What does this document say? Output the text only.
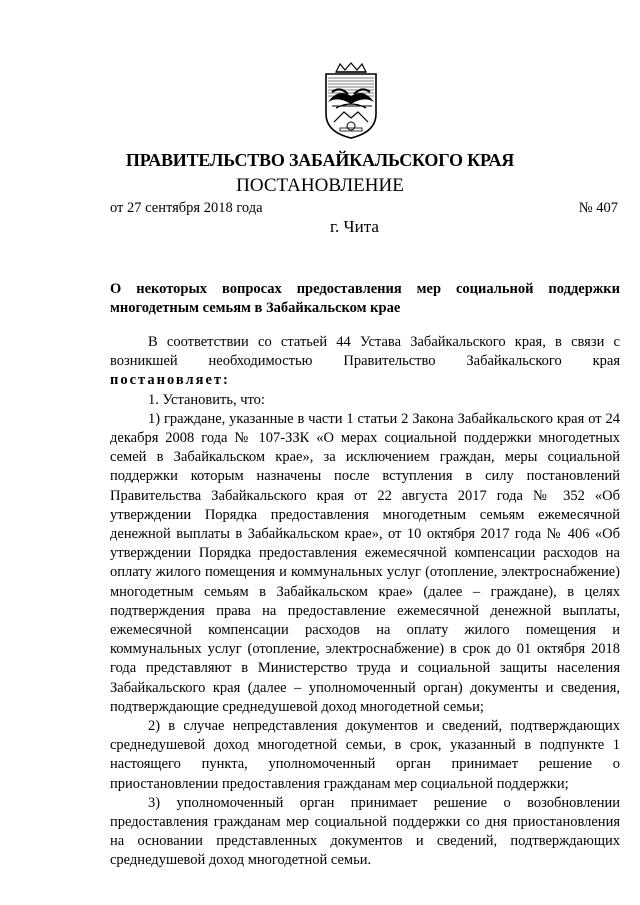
ПРАВИТЕЛЬСТВО ЗАБАЙКАЛЬСКОГО КРАЯ
ПОСТАНОВЛЕНИЕ
от 27 сентября 2018 года	№ 407
г. Чита
О некоторых вопросах предоставления мер социальной поддержки многодетным семьям в Забайкальском крае

В соответствии со статьей 44 Устава Забайкальского края, в связи с возникшей необходимостью Правительство Забайкальского края постановляет:

1. Установить, что:

1) граждане, указанные в части 1 статьи 2 Закона Забайкальского края от 24 декабря 2008 года № 107-ЗЗК «О мерах социальной поддержки многодетных семей в Забайкальском крае», за исключением граждан, меры социальной поддержки которым назначены после вступления в силу постановлений Правительства Забайкальского края от 22 августа 2017 года № 352 «Об утверждении Порядка предоставления многодетным семьям ежемесячной денежной выплаты в Забайкальском крае», от 10 октября 2017 года № 406 «Об утверждении Порядка предоставления ежемесячной компенсации расходов на оплату жилого помещения и коммунальных услуг (отопление, электроснабжение) многодетным семьям в Забайкальском крае» (далее – граждане), в целях подтверждения права на предоставление ежемесячной денежной выплаты, ежемесячной компенсации расходов на оплату жилого помещения и коммунальных услуг (отопление, электроснабжение) в срок до 01 октября 2018 года представляют в Министерство труда и социальной защиты населения Забайкальского края (далее – уполномоченный орган) документы и сведения, подтверждающие среднедушевой доход многодетной семьи;

2) в случае непредставления документов и сведений, подтверждающих среднедушевой доход многодетной семьи, в срок, указанный в подпункте 1 настоящего пункта, уполномоченный орган принимает решение о приостановлении предоставления гражданам мер социальной поддержки;

3) уполномоченный орган принимает решение о возобновлении предоставления гражданам мер социальной поддержки со дня приостановления на основании представленных документов и сведений, подтверждающих среднедушевой доход многодетной семьи.
